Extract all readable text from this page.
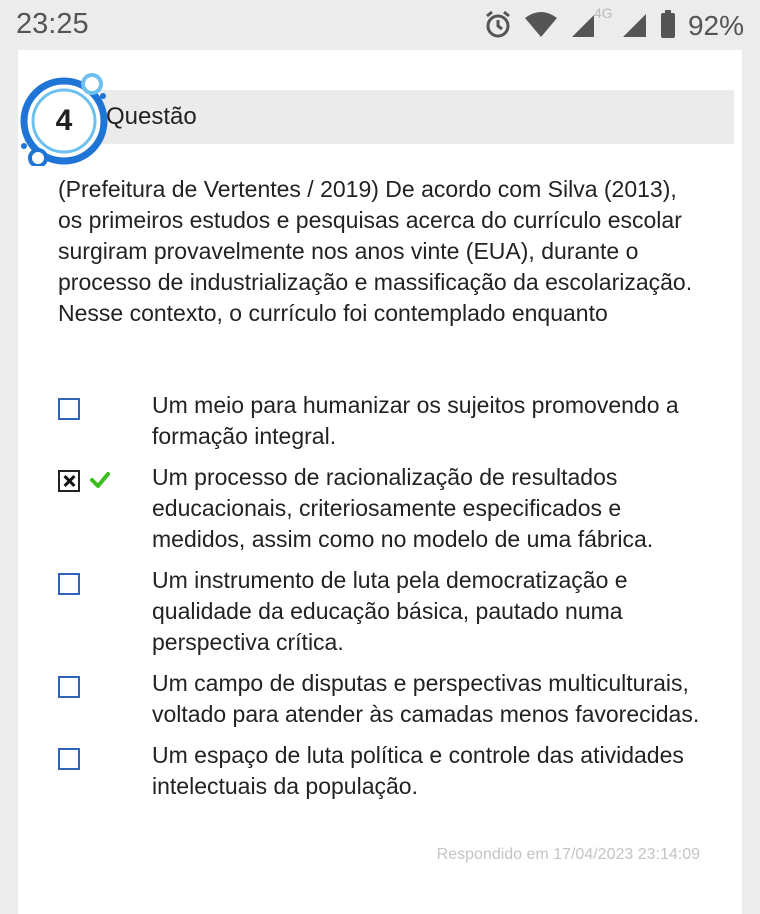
23:25	4G	92%
Questão
4
(Prefeitura de Vertentes / 2019) De acordo com Silva (2013), os primeiros estudos e pesquisas acerca do currículo escolar surgiram provavelmente nos anos vinte (EUA), durante o processo de industrialização e massificação da escolarização. Nesse contexto, o currículo foi contemplado enquanto
Um meio para humanizar os sujeitos promovendo a formação integral.
Um processo de racionalização de resultados educacionais, criteriosamente especificados e medidos, assim como no modelo de uma fábrica.
Um instrumento de luta pela democratização e qualidade da educação básica, pautado numa perspectiva crítica.
Um campo de disputas e perspectivas multiculturais, voltado para atender às camadas menos favorecidas.
Um espaço de luta política e controle das atividades intelectuais da população.
Respondido em 17/04/2023 23:14:09
